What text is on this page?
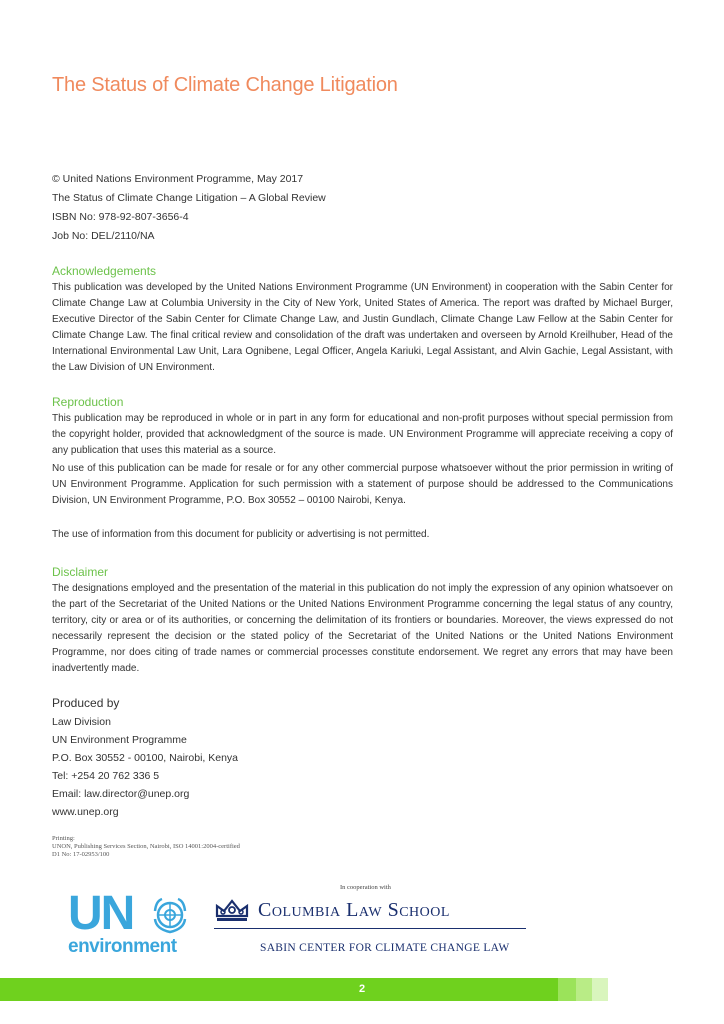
The Status of Climate Change Litigation
© United Nations Environment Programme, May 2017
The Status of Climate Change Litigation – A Global Review
ISBN No: 978-92-807-3656-4
Job No: DEL/2110/NA
Acknowledgements

This publication was developed by the United Nations Environment Programme (UN Environment) in cooperation with the Sabin Center for Climate Change Law at Columbia University in the City of New York, United States of America. The report was drafted by Michael Burger, Executive Director of the Sabin Center for Climate Change Law, and Justin Gundlach, Climate Change Law Fellow at the Sabin Center for Climate Change Law. The final critical review and consolidation of the draft was undertaken and overseen by Arnold Kreilhuber, Head of the International Environmental Law Unit, Lara Ognibene, Legal Officer, Angela Kariuki, Legal Assistant, and Alvin Gachie, Legal Assistant, with the Law Division of UN Environment.

Reproduction

This publication may be reproduced in whole or in part in any form for educational and non-profit purposes without special permission from the copyright holder, provided that acknowledgment of the source is made. UN Environment Programme will appreciate receiving a copy of any publication that uses this material as a source.

No use of this publication can be made for resale or for any other commercial purpose whatsoever without the prior permission in writing of UN Environment Programme. Application for such permission with a statement of purpose should be addressed to the Communications Division, UN Environment Programme, P.O. Box 30552 – 00100 Nairobi, Kenya.

The use of information from this document for publicity or advertising is not permitted.

Disclaimer

The designations employed and the presentation of the material in this publication do not imply the expression of any opinion whatsoever on the part of the Secretariat of the United Nations or the United Nations Environment Programme concerning the legal status of any country, territory, city or area or of its authorities, or concerning the delimitation of its frontiers or boundaries. Moreover, the views expressed do not necessarily represent the decision or the stated policy of the Secretariat of the United Nations or the United Nations Environment Programme, nor does citing of trade names or commercial processes constitute endorsement. We regret any errors that may have been inadvertently made.

Produced by
Law Division
UN Environment Programme
P.O. Box 30552 - 00100, Nairobi, Kenya
Tel: +254 20 762 336 5
Email: law.director@unep.org
www.unep.org
Printing:
UNON, Publishing Services Section, Nairobi, ISO 14001:2004-certified
D1 No: 17-02953/100
In cooperation with
UN
environment
Columbia Law School
SABIN CENTER FOR CLIMATE CHANGE LAW
2
